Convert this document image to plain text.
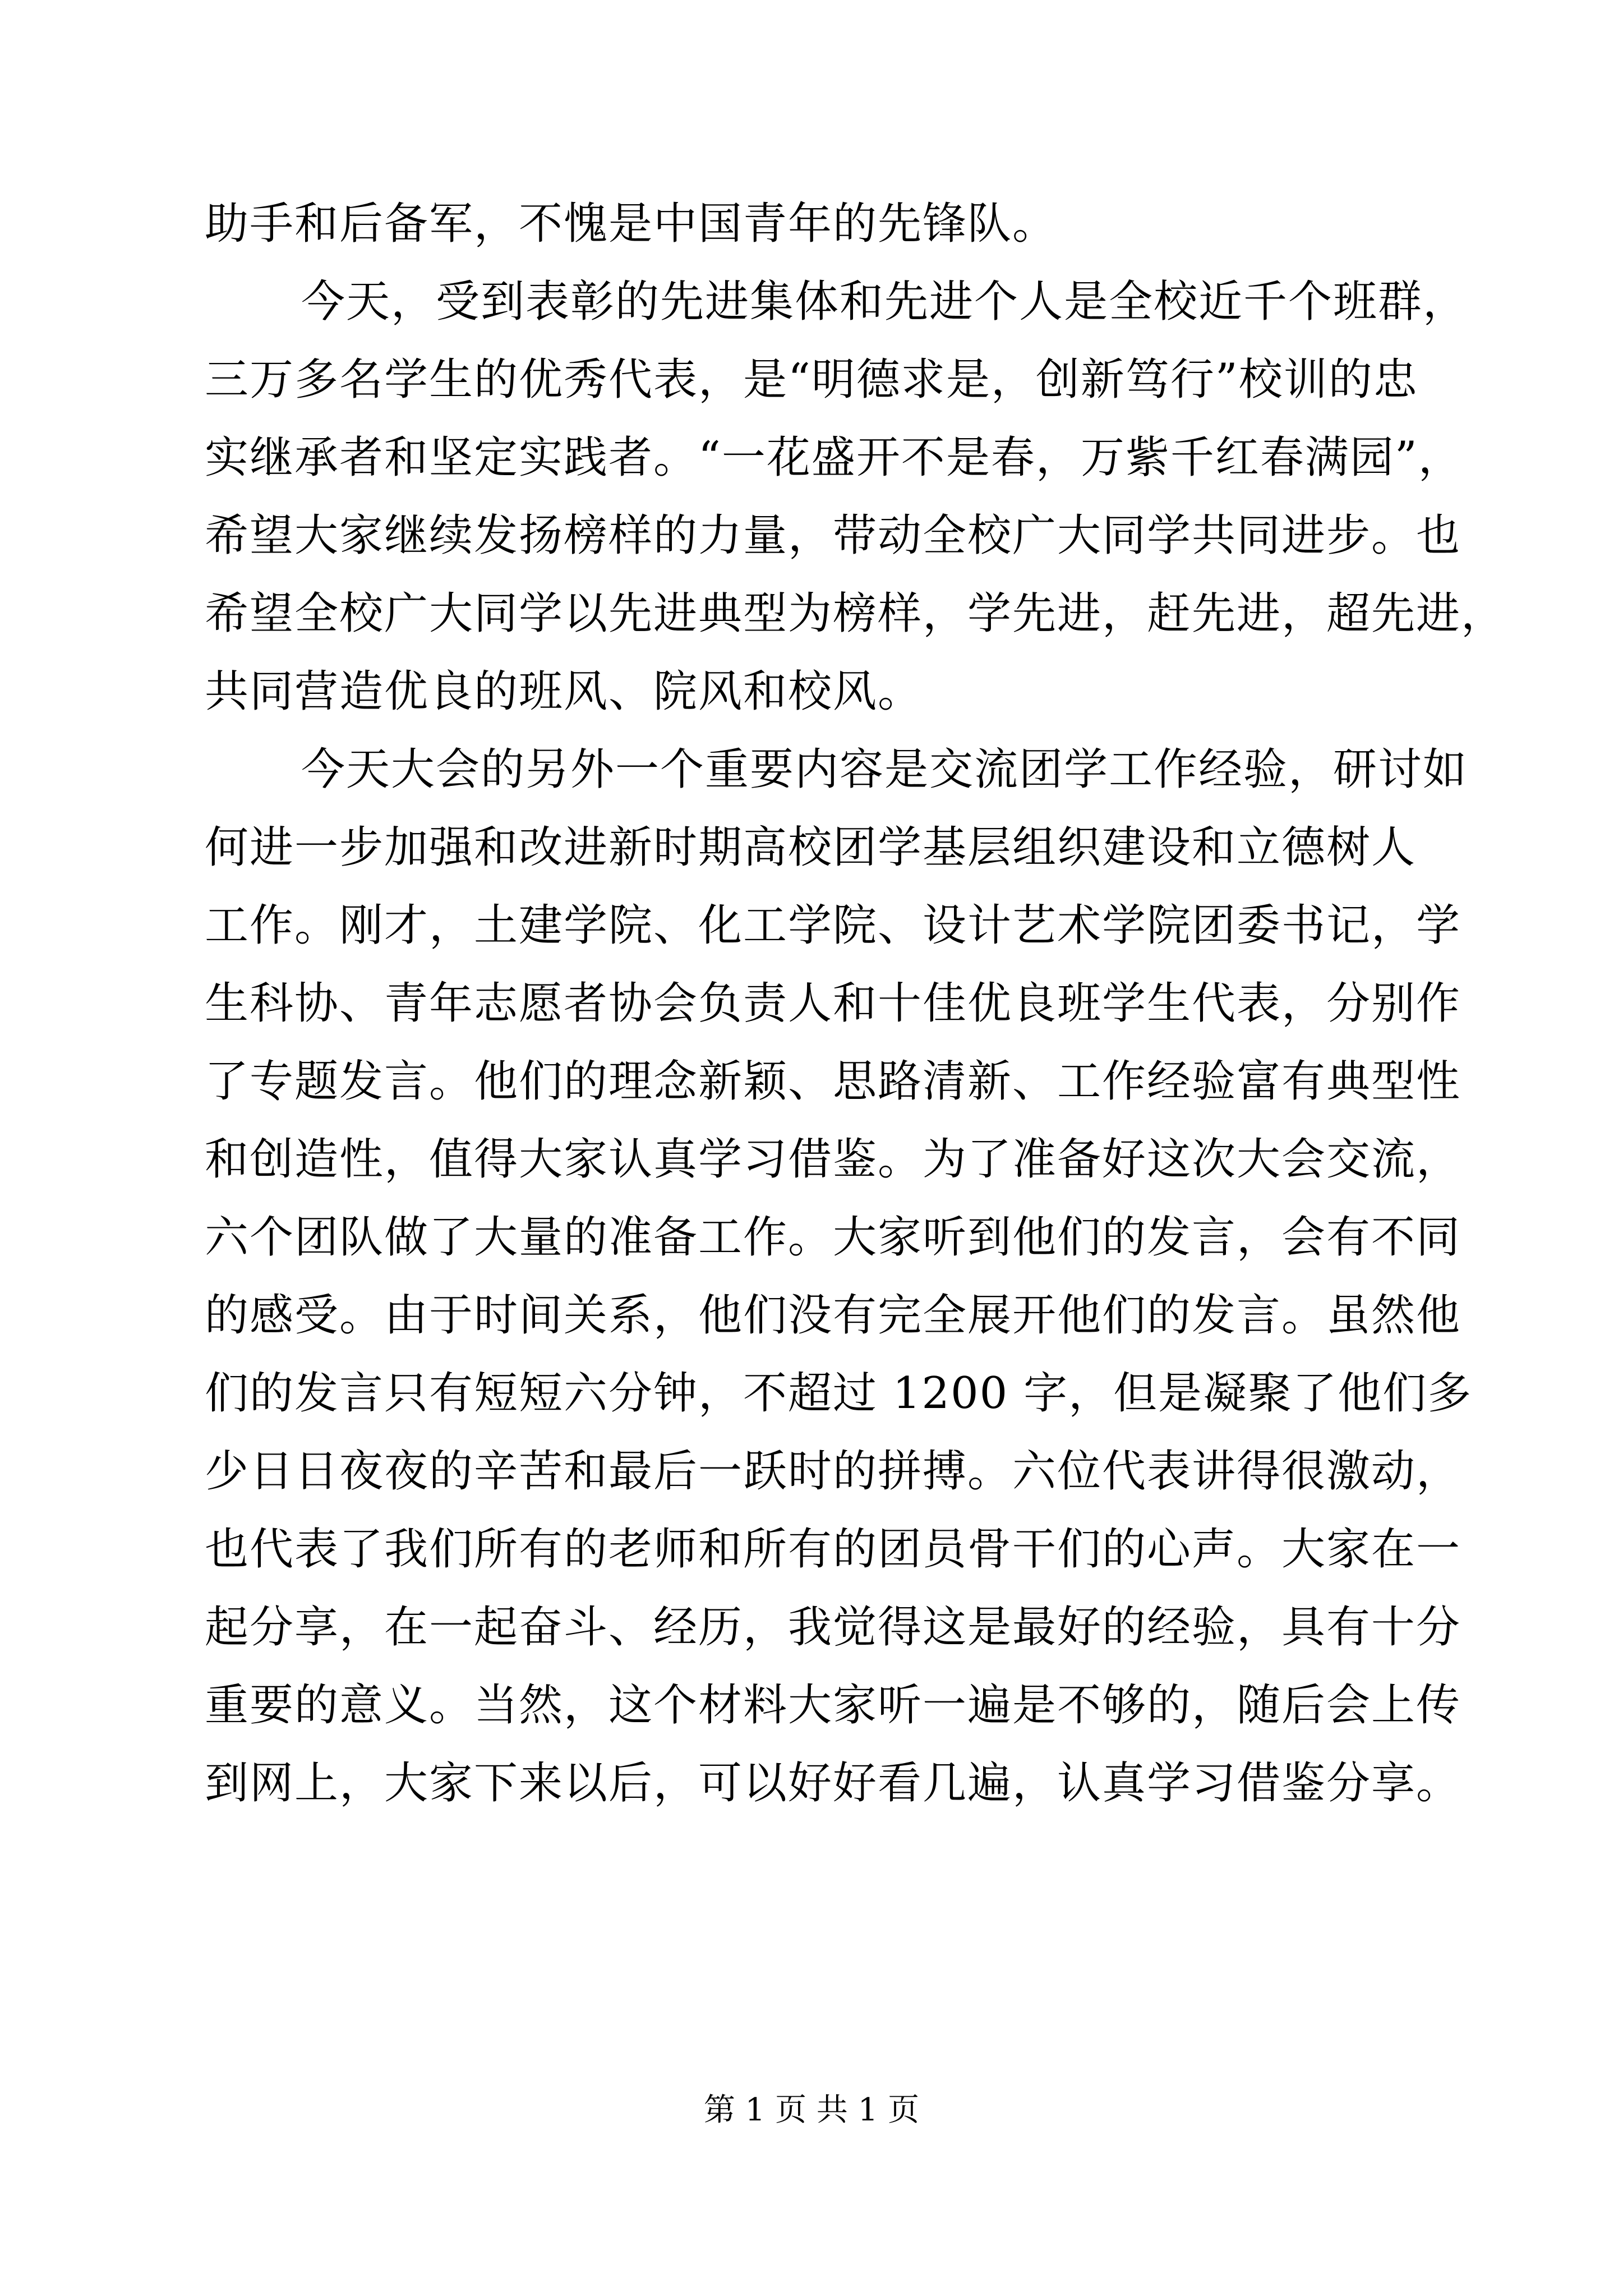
助手和后备军，不愧是中国青年的先锋队。
今天，受到表彰的先进集体和先进个人是全校近千个班群，
三万多名学生的优秀代表，是“明德求是，创新笃行”校训的忠
实继承者和坚定实践者。“一花盛开不是春，万紫千红春满园”，
希望大家继续发扬榜样的力量，带动全校广大同学共同进步。也
希望全校广大同学以先进典型为榜样，学先进，赶先进，超先进，
共同营造优良的班风、院风和校风。
今天大会的另外一个重要内容是交流团学工作经验，研讨如
何进一步加强和改进新时期高校团学基层组织建设和立德树人
工作。刚才，土建学院、化工学院、设计艺术学院团委书记，学
生科协、青年志愿者协会负责人和十佳优良班学生代表，分别作
了专题发言。他们的理念新颖、思路清新、工作经验富有典型性
和创造性，值得大家认真学习借鉴。为了准备好这次大会交流，
六个团队做了大量的准备工作。大家听到他们的发言，会有不同
的感受。由于时间关系，他们没有完全展开他们的发言。虽然他
们的发言只有短短六分钟，不超过 1200 字，但是凝聚了他们多
少日日夜夜的辛苦和最后一跃时的拼搏。六位代表讲得很激动，
也代表了我们所有的老师和所有的团员骨干们的心声。大家在一
起分享，在一起奋斗、经历，我觉得这是最好的经验，具有十分
重要的意义。当然，这个材料大家听一遍是不够的，随后会上传
到网上，大家下来以后，可以好好看几遍，认真学习借鉴分享。
第 1 页 共 1 页
